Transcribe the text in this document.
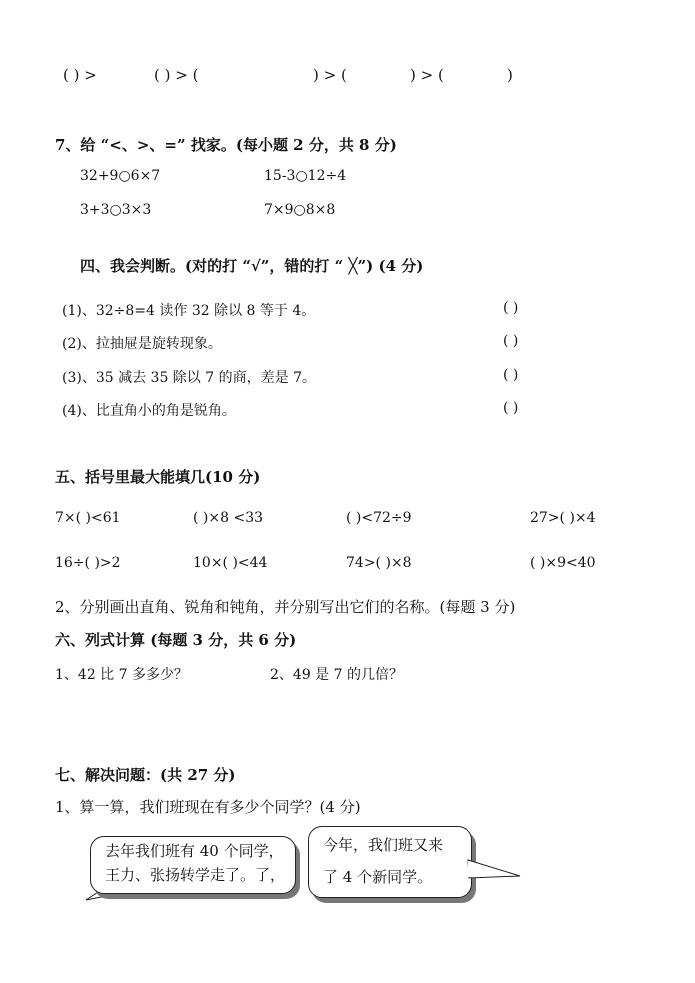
( ) >	( ) > (	) > (	) > (	)
7、给 “<、>、=” 找家。(每小题 2 分，共 8 分)
32+9○6×7	15-3○12÷4
3+3○3×3	7×9○8×8
四、我会判断。(对的打 “√”，错的打 “ ╳”) (4 分)
(1)、32÷8=4 读作 32 除以 8 等于 4。	( )
(2)、拉抽屉是旋转现象。	( )
(3)、35 减去 35 除以 7 的商，差是 7。	( )
(4)、比直角小的角是锐角。	( )
五、括号里最大能填几(10 分)
7×( )<61	( )×8 <33	( )<72÷9	27>( )×4
16÷( )>2	10×( )<44	74>( )×8	( )×9<40
2、分别画出直角、锐角和钝角，并分别写出它们的名称。(每题 3 分)
六、列式计算 (每题 3 分，共 6 分)
1、42 比 7 多多少？	2、49 是 7 的几倍？
七、解决问题：(共 27 分)
1、算一算，我们班现在有多少个同学？(4 分)
去年我们班有 40 个同学，
王力、张扬转学走了。了，
今年，我们班又来
了 4 个新同学。
